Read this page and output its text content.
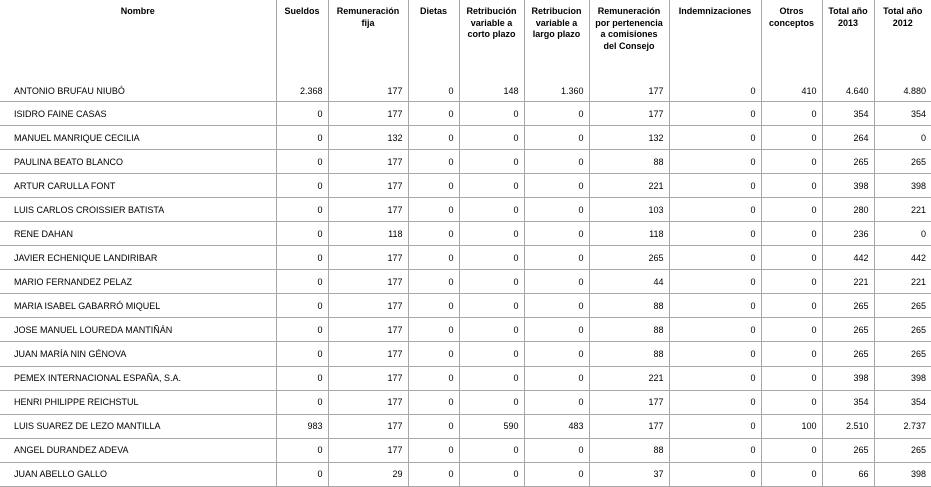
Nombre	Sueldos	Remuneración fija	Dietas	Retribución variable a corto plazo	Retribucion variable a largo plazo	Remuneración por pertenencia a comisiones del Consejo	Indemnizaciones	Otros conceptos	Total año 2013	Total año 2012
ANTONIO BRUFAU NIUBÓ	2.368	177	0	148	1.360	177	0	410	4.640	4.880
ISIDRO FAINE CASAS	0	177	0	0	0	177	0	0	354	354
MANUEL MANRIQUE CECILIA	0	132	0	0	0	132	0	0	264	0
PAULINA BEATO BLANCO	0	177	0	0	0	88	0	0	265	265
ARTUR CARULLA FONT	0	177	0	0	0	221	0	0	398	398
LUIS CARLOS CROISSIER BATISTA	0	177	0	0	0	103	0	0	280	221
RENE DAHAN	0	118	0	0	0	118	0	0	236	0
JAVIER ECHENIQUE LANDIRIBAR	0	177	0	0	0	265	0	0	442	442
MARIO FERNANDEZ PELAZ	0	177	0	0	0	44	0	0	221	221
MARIA ISABEL GABARRÓ MIQUEL	0	177	0	0	0	88	0	0	265	265
JOSE MANUEL LOUREDA MANTIÑÁN	0	177	0	0	0	88	0	0	265	265
JUAN MARÍA NIN GÉNOVA	0	177	0	0	0	88	0	0	265	265
PEMEX INTERNACIONAL ESPAÑA, S.A.	0	177	0	0	0	221	0	0	398	398
HENRI PHILIPPE REICHSTUL	0	177	0	0	0	177	0	0	354	354
LUIS SUAREZ DE LEZO MANTILLA	983	177	0	590	483	177	0	100	2.510	2.737
ANGEL DURANDEZ ADEVA	0	177	0	0	0	88	0	0	265	265
JUAN ABELLO GALLO	0	29	0	0	0	37	0	0	66	398
